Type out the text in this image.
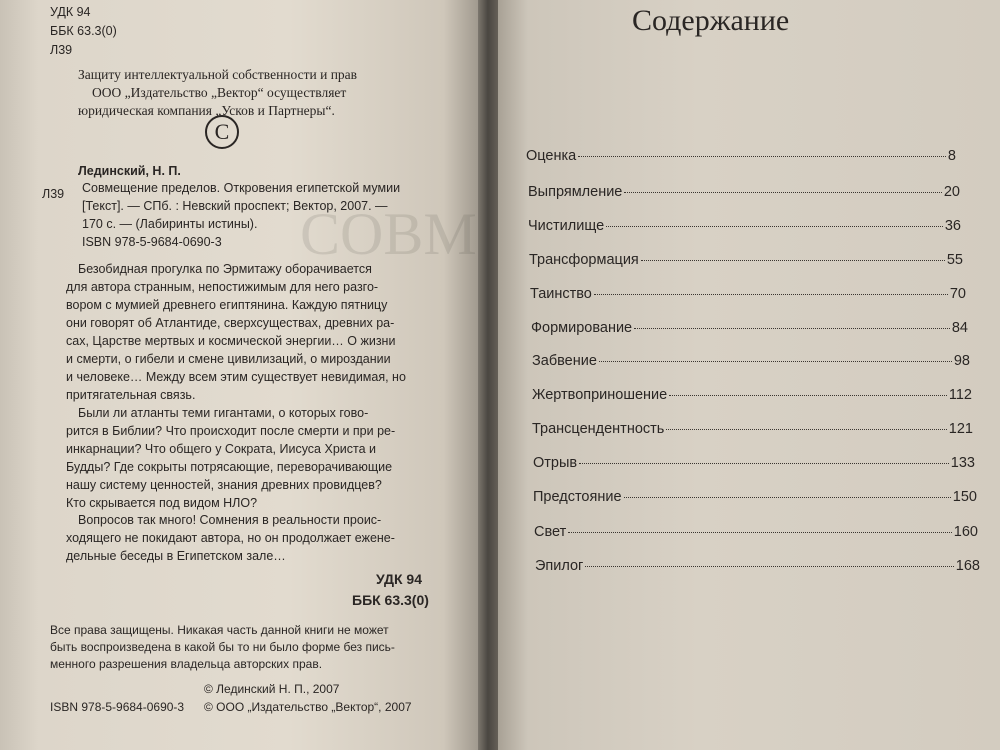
СОВМ
УДК 94
ББК 63.3(0)
Л39
Защиту интеллектуальной собственности и прав
ООО „Издательство „Вектор“ осуществляет
юридическая компания „Усков и Партнеры“.
C
Лединский, Н. П.
Л39 Совмещение пределов. Откровения египетской мумии
[Текст]. — СПб. : Невский проспект; Вектор, 2007. —
170 с. — (Лабиринты истины).
ISBN 978-5-9684-0690-3
Безобидная прогулка по Эрмитажу оборачивается
для автора странным, непостижимым для него разго-
вором с мумией древнего египтянина. Каждую пятницу
они говорят об Атлантиде, сверхсуществах, древних ра-
сах, Царстве мертвых и космической энергии… О жизни
и смерти, о гибели и смене цивилизаций, о мироздании
и человеке… Между всем этим существует невидимая, но
притягательная связь.
Были ли атланты теми гигантами, о которых гово-
рится в Библии? Что происходит после смерти и при ре-
инкарнации? Что общего у Сократа, Иисуса Христа и
Будды? Где сокрыты потрясающие, переворачивающие
нашу систему ценностей, знания древних провидцев?
Кто скрывается под видом НЛО?
Вопросов так много! Сомнения в реальности проис-
ходящего не покидают автора, но он продолжает еженe-
дельные беседы в Египетском зале…
УДК 94
ББК 63.3(0)
Все права защищены. Никакая часть данной книги не может
быть воспроизведена в какой бы то ни было форме без пись-
менного разрешения владельца авторских прав.
© Лединский Н. П., 2007
ISBN 978-5-9684-0690-3 © ООО „Издательство „Вектор“, 2007
Содержание
Оценка	8
Выпрямление	20
Чистилище	36
Трансформация	55
Таинство	70
Формирование	84
Забвение	98
Жертвоприношение	112
Трансцендентность	121
Отрыв	133
Предстояние	150
Свет	160
Эпилог	168
